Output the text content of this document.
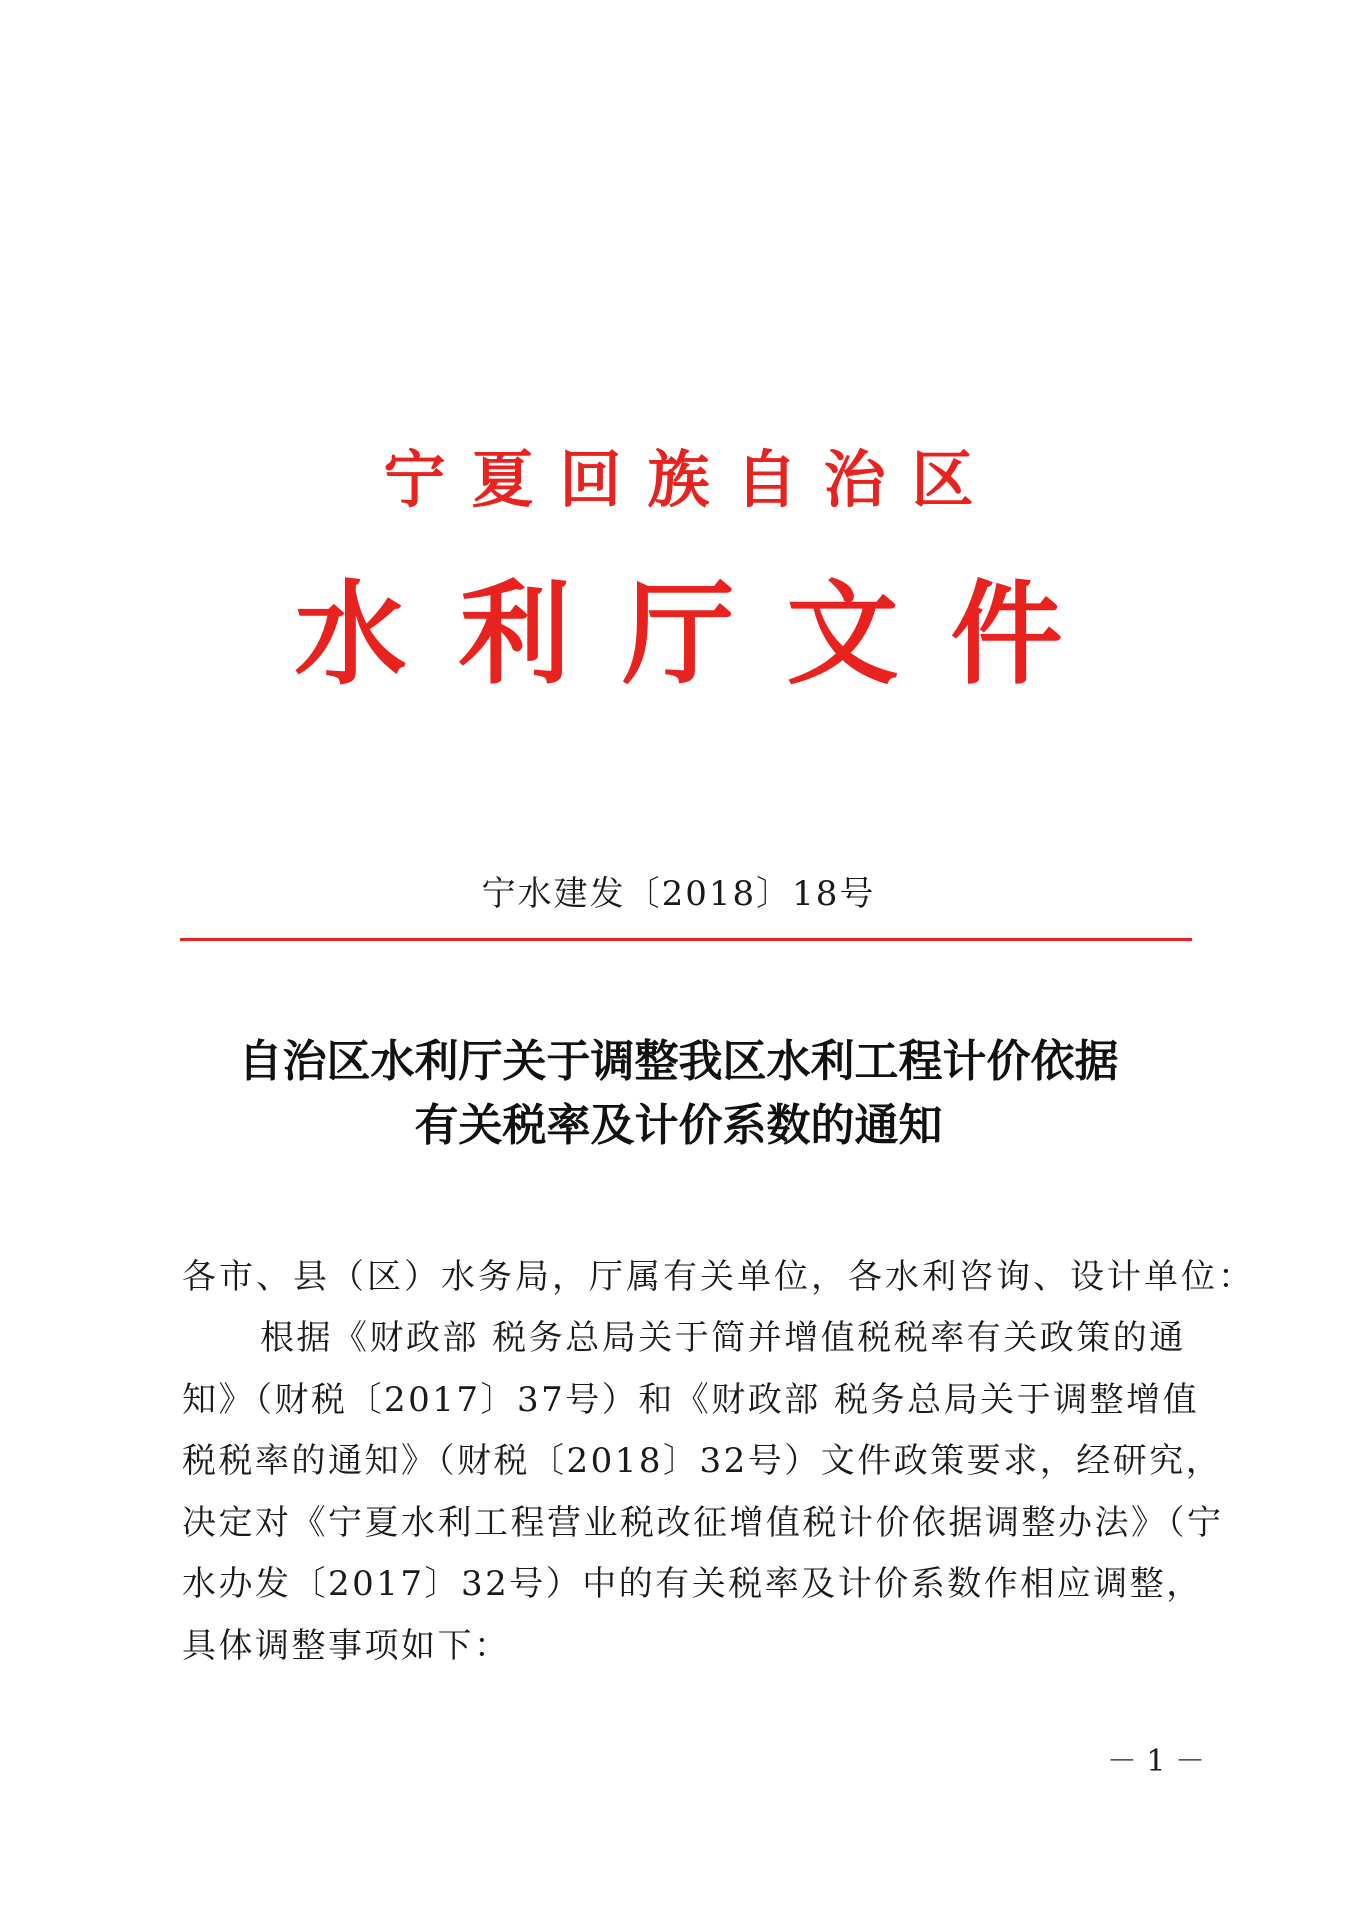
宁夏回族自治区
水利厅文件
宁水建发〔2018〕18号
自治区水利厅关于调整我区水利工程计价依据
有关税率及计价系数的通知
各市、县（区）水务局，厅属有关单位，各水利咨询、设计单位：
根据《财政部 税务总局关于简并增值税税率有关政策的通
知》（财税〔2017〕37号）和《财政部 税务总局关于调整增值
税税率的通知》（财税〔2018〕32号）文件政策要求，经研究，
决定对《宁夏水利工程营业税改征增值税计价依据调整办法》（宁
水办发〔2017〕32号）中的有关税率及计价系数作相应调整，
具体调整事项如下：
－ 1 －
